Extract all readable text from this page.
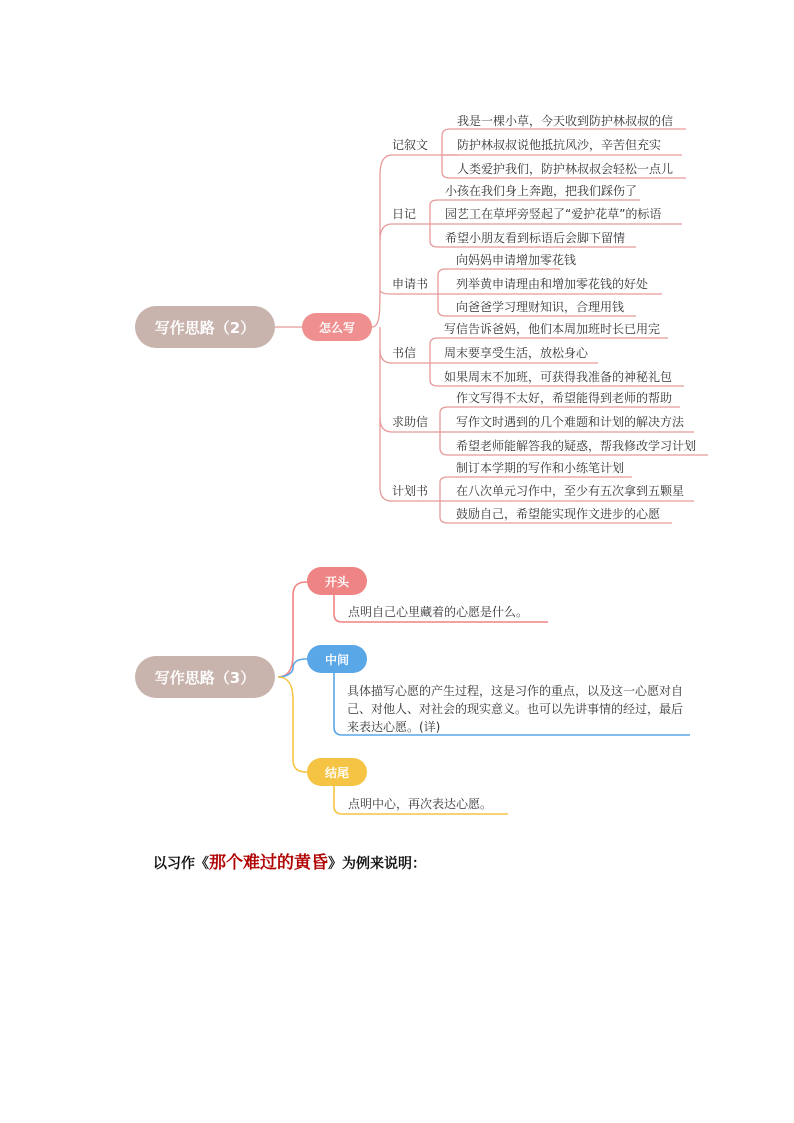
写作思路（2）	怎么写
记叙文
日记
申请书
书信
求助信
计划书
我是一棵小草，今天收到防护林叔叔的信
防护林叔叔说他抵抗风沙，辛苦但充实
人类爱护我们，防护林叔叔会轻松一点儿
小孩在我们身上奔跑，把我们踩伤了
园艺工在草坪旁竖起了“爱护花草”的标语
希望小朋友看到标语后会脚下留情
向妈妈申请增加零花钱
列举黄申请理由和增加零花钱的好处
向爸爸学习理财知识，合理用钱
写信告诉爸妈，他们本周加班时长已用完
周末要享受生活，放松身心
如果周末不加班，可获得我准备的神秘礼包
作文写得不太好，希望能得到老师的帮助
写作文时遇到的几个难题和计划的解决方法
希望老师能解答我的疑惑，帮我修改学习计划
制订本学期的写作和小练笔计划
在八次单元习作中，至少有五次拿到五颗星
鼓励自己，希望能实现作文进步的心愿
写作思路（3）
开头
中间
结尾
点明自己心里藏着的心愿是什么。
具体描写心愿的产生过程，这是习作的重点，以及这一心愿对自己、对他人、对社会的现实意义。也可以先讲事情的经过，最后来表达心愿。(详)
点明中心，再次表达心愿。
以习作《那个难过的黄昏》为例来说明：
